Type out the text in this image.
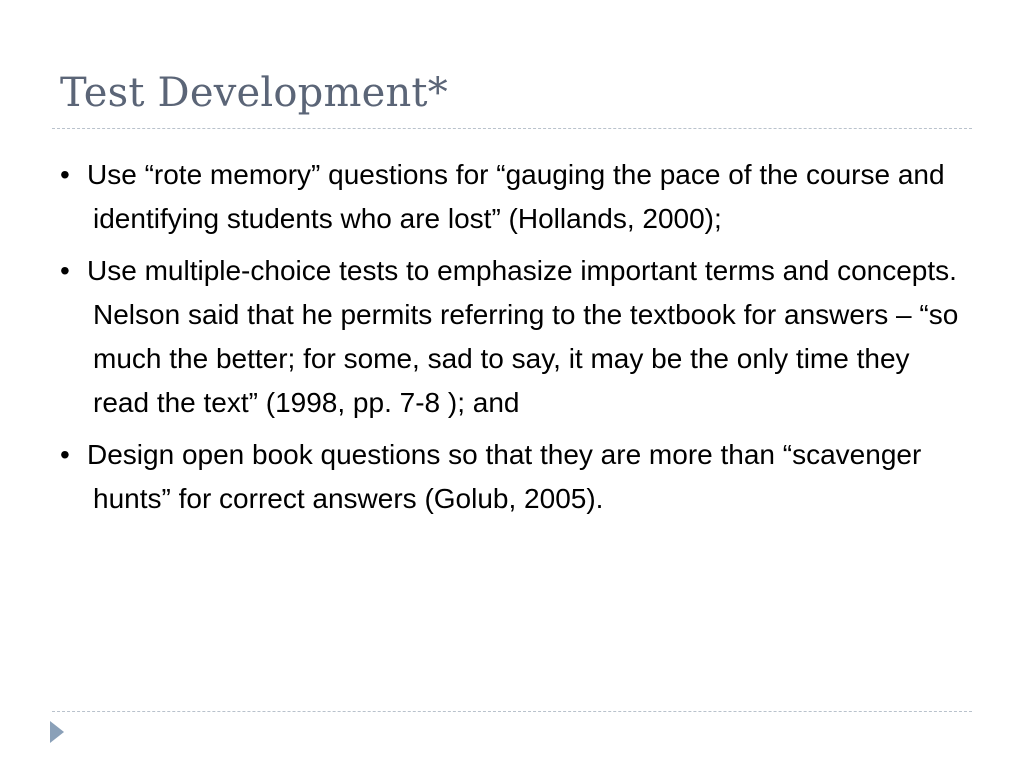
Test Development*
• Use “rote memory” questions for “gauging the pace of the course and identifying students who are lost” (Hollands, 2000);
• Use multiple-choice tests to emphasize important terms and concepts. Nelson said that he permits referring to the textbook for answers – “so much the better; for some, sad to say, it may be the only time they read the text” (1998, pp. 7-8 ); and
• Design open book questions so that they are more than “scavenger hunts” for correct answers (Golub, 2005).
